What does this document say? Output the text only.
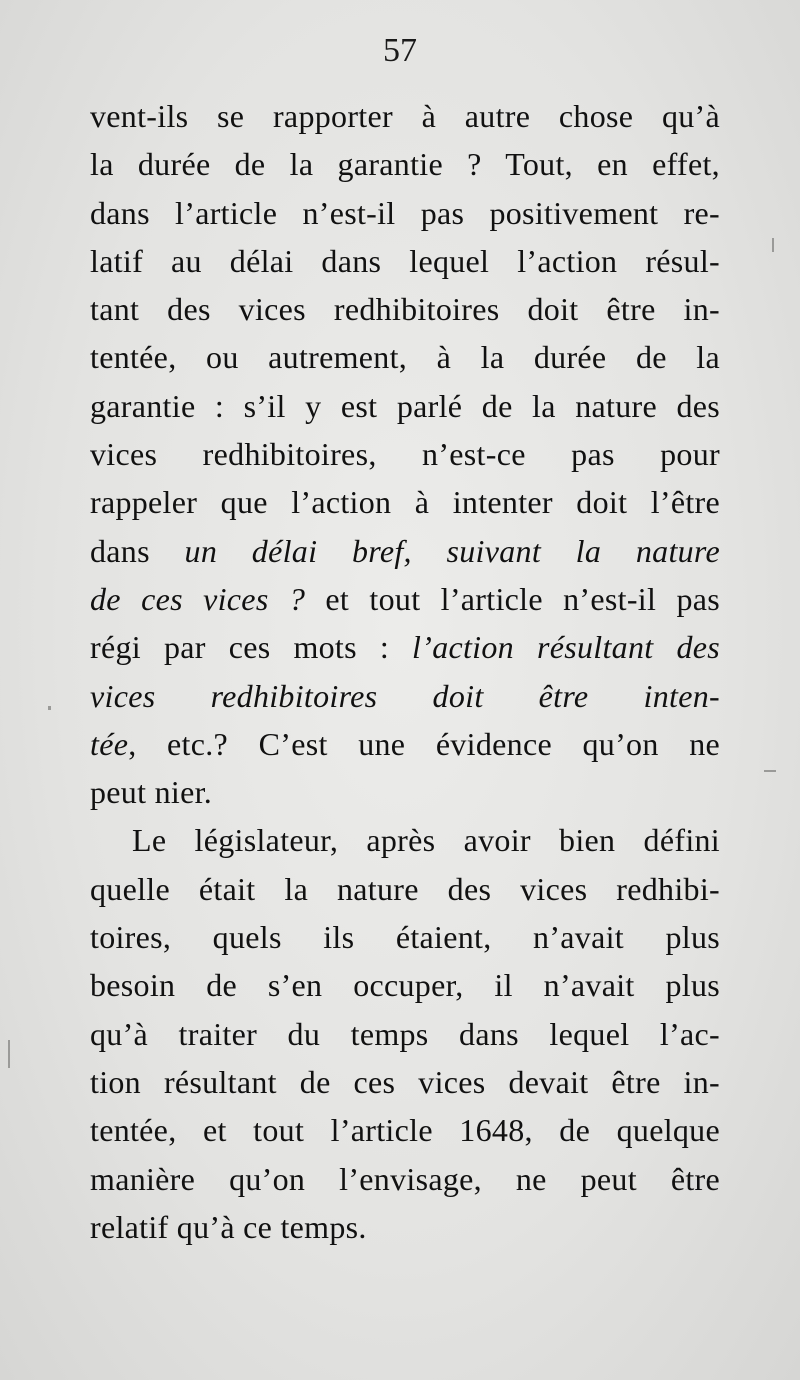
57
vent-ils se rapporter à autre chose qu’à
la durée de la garantie ? Tout, en effet,
dans l’article n’est-il pas positivement re-
latif au délai dans lequel l’action résul-
tant des vices redhibitoires doit être in-
tentée, ou autrement, à la durée de la
garantie : s’il y est parlé de la nature des
vices redhibitoires, n’est-ce pas pour
rappeler que l’action à intenter doit l’être
dans un délai bref, suivant la nature
de ces vices ? et tout l’article n’est-il pas
régi par ces mots : l’action résultant des
vices redhibitoires doit être inten-
tée, etc.? C’est une évidence qu’on ne
peut nier.
Le législateur, après avoir bien défini
quelle était la nature des vices redhibi-
toires, quels ils étaient, n’avait plus
besoin de s’en occuper, il n’avait plus
qu’à traiter du temps dans lequel l’ac-
tion résultant de ces vices devait être in-
tentée, et tout l’article 1648, de quelque
manière qu’on l’envisage, ne peut être
relatif qu’à ce temps.
